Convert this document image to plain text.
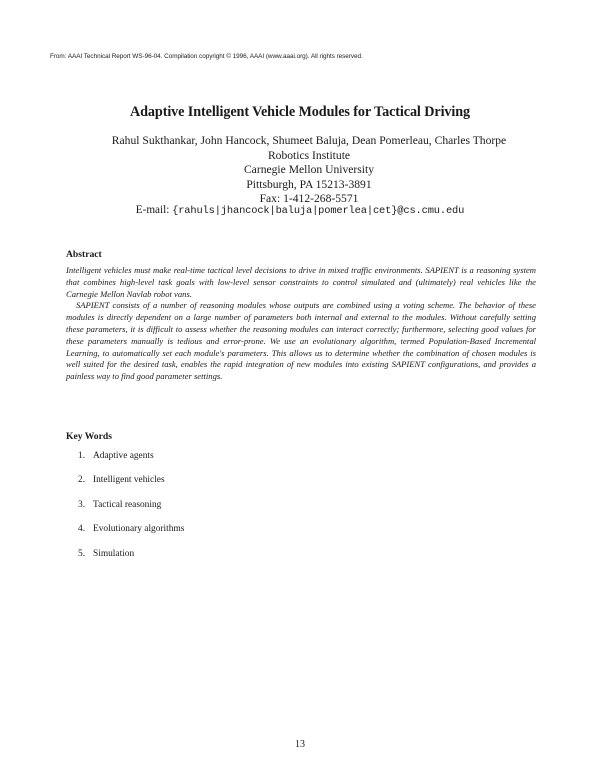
From: AAAI Technical Report WS-96-04. Compilation copyright © 1996, AAAI (www.aaai.org). All rights reserved.
Adaptive Intelligent Vehicle Modules for Tactical Driving
Rahul Sukthankar, John Hancock, Shumeet Baluja, Dean Pomerleau, Charles Thorpe
Robotics Institute
Carnegie Mellon University
Pittsburgh, PA 15213-3891
Fax: 1-412-268-5571
E-mail: {rahuls|jhancock|baluja|pomerlea|cet}@cs.cmu.edu
Abstract

Intelligent vehicles must make real-time tactical level decisions to drive in mixed traffic environments. SAPIENT is a reasoning system that combines high-level task goals with low-level sensor constraints to control simulated and (ultimately) real vehicles like the Carnegie Mellon Navlab robot vans.

SAPIENT consists of a number of reasoning modules whose outputs are combined using a voting scheme. The behavior of these modules is directly dependent on a large number of parameters both internal and external to the modules. Without carefully setting these parameters, it is difficult to assess whether the reasoning modules can interact correctly; furthermore, selecting good values for these parameters manually is tedious and error-prone. We use an evolutionary algorithm, termed Population-Based Incremental Learning, to automatically set each module's parameters. This allows us to determine whether the combination of chosen modules is well suited for the desired task, enables the rapid integration of new modules into existing SAPIENT configurations, and provides a painless way to find good parameter settings.

Key Words
1. Adaptive agents
2. Intelligent vehicles
3. Tactical reasoning
4. Evolutionary algorithms
5. Simulation
13
